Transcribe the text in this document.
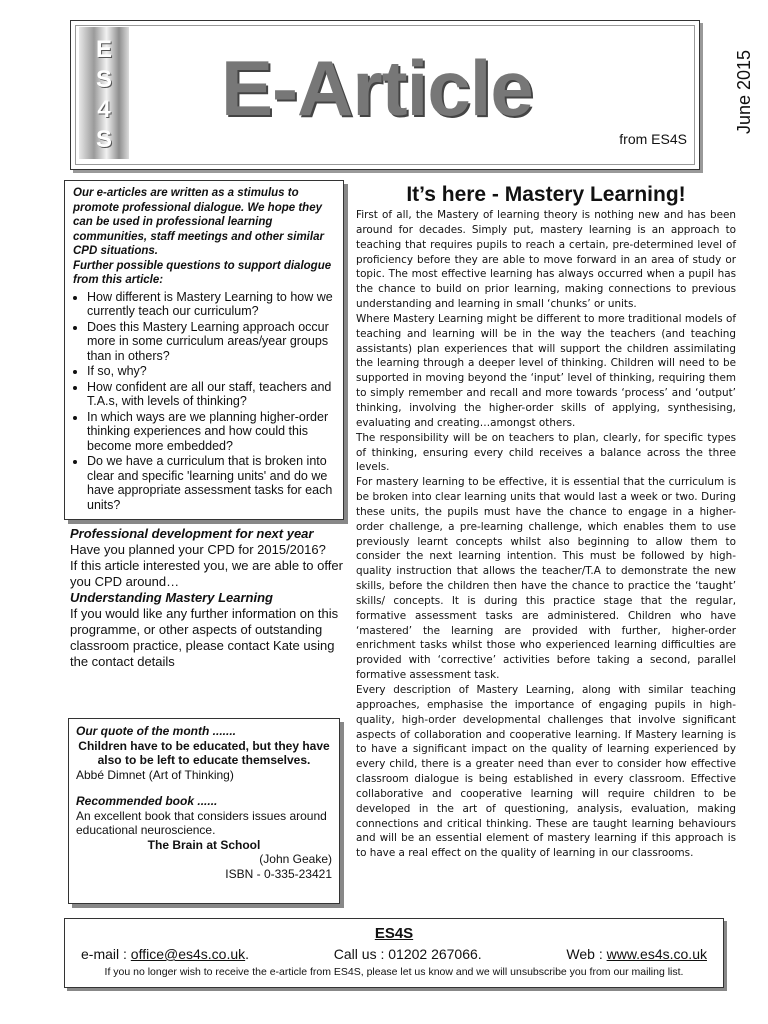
E
S
4
S
E-Article
from ES4S
June 2015

Our e-articles are written as a stimulus to promote professional dialogue. We hope they can be used in professional learning communities, staff meetings and other similar CPD situations.

Further possible questions to support dialogue from this article:

• How different is Mastery Learning to how we currently teach our curriculum?
• Does this Mastery Learning approach occur more in some curriculum areas/year groups than in others?
• If so, why?
• How confident are all our staff, teachers and T.A.s, with levels of thinking?
• In which ways are we planning higher-order thinking experiences and how could this become more embedded?
• Do we have a curriculum that is broken into clear and specific 'learning units' and do we have appropriate assessment tasks for each units?

Professional development for next year

Have you planned your CPD for 2015/2016?

If this article interested you, we are able to offer you CPD around…

Understanding Mastery Learning

If you would like any further information on this programme, or other aspects of outstanding classroom practice, please contact Kate using the contact details

Our quote of the month .......

Children have to be educated, but they have also to be left to educate themselves.

Abbé Dimnet (Art of Thinking)

Recommended book ......

An excellent book that considers issues around educational neuroscience.

The Brain at School

(John Geake)

ISBN - 0-335-23421

It’s here - Mastery Learning!

First of all, the Mastery of learning theory is nothing new and has been around for decades. Simply put, mastery learning is an approach to teaching that requires pupils to reach a certain, pre-determined level of proficiency before they are able to move forward in an area of study or topic. The most effective learning has always occurred when a pupil has the chance to build on prior learning, making connections to previous understanding and learning in small ‘chunks’ or units.

Where Mastery Learning might be different to more traditional models of teaching and learning will be in the way the teachers (and teaching assistants) plan experiences that will support the children assimilating the learning through a deeper level of thinking. Children will need to be supported in moving beyond the ‘input’ level of thinking, requiring them to simply remember and recall and more towards ‘process’ and ‘output’ thinking, involving the higher-order skills of applying, synthesising, evaluating and creating…amongst others.

The responsibility will be on teachers to plan, clearly, for specific types of thinking, ensuring every child receives a balance across the three levels.

For mastery learning to be effective, it is essential that the curriculum is be broken into clear learning units that would last a week or two. During these units, the pupils must have the chance to engage in a higher-order challenge, a pre-learning challenge, which enables them to use previously learnt concepts whilst also beginning to allow them to consider the next learning intention. This must be followed by high-quality instruction that allows the teacher/T.A to demonstrate the new skills, before the children then have the chance to practice the ‘taught’ skills/ concepts. It is during this practice stage that the regular, formative assessment tasks are administered. Children who have ‘mastered’ the learning are provided with further, higher-order enrichment tasks whilst those who experienced learning difficulties are provided with ‘corrective’ activities before taking a second, parallel formative assessment task.

Every description of Mastery Learning, along with similar teaching approaches, emphasise the importance of engaging pupils in high-quality, high-order developmental challenges that involve significant aspects of collaboration and cooperative learning. If Mastery learning is to have a significant impact on the quality of learning experienced by every child, there is a greater need than ever to consider how effective classroom dialogue is being established in every classroom. Effective collaborative and cooperative learning will require children to be developed in the art of questioning, analysis, evaluation, making connections and critical thinking. These are taught learning behaviours and will be an essential element of mastery learning if this approach is to have a real effect on the quality of learning in our classrooms.

ES4S
e-mail : office@es4s.co.uk.	Call us : 01202 267066.	Web : www.es4s.co.uk
If you no longer wish to receive the e-article from ES4S, please let us know and we will unsubscribe you from our mailing list.
